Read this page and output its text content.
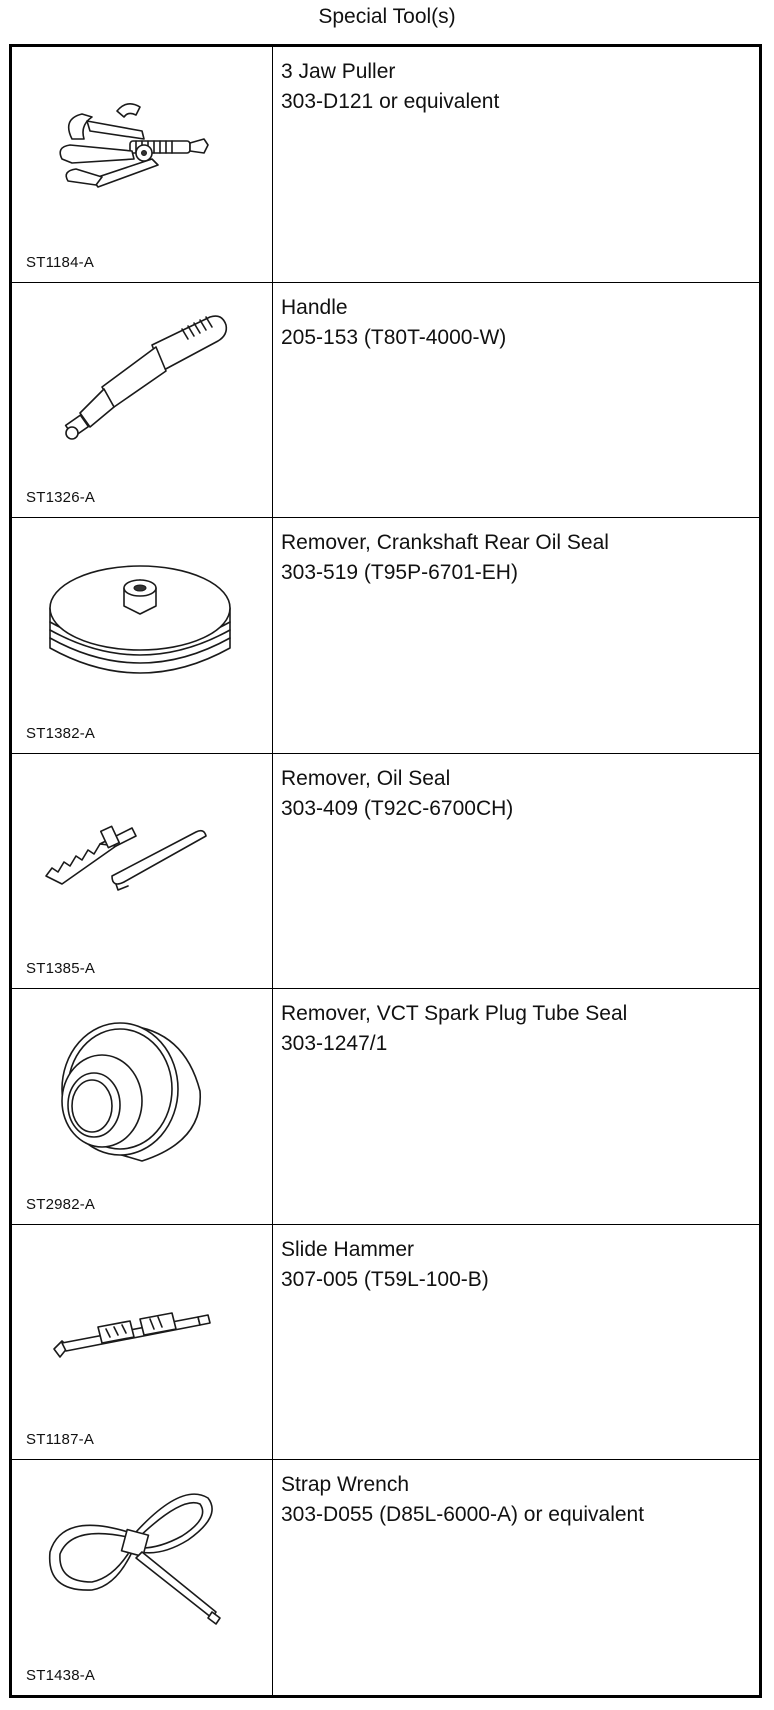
Special Tool(s)
ST1184-A
3 Jaw Puller
303-D121 or equivalent
ST1326-A
Handle
205-153 (T80T-4000-W)
ST1382-A
Remover, Crankshaft Rear Oil Seal
303-519 (T95P-6701-EH)
ST1385-A
Remover, Oil Seal
303-409 (T92C-6700CH)
ST2982-A
Remover, VCT Spark Plug Tube Seal
303-1247/1
ST1187-A
Slide Hammer
307-005 (T59L-100-B)
ST1438-A
Strap Wrench
303-D055 (D85L-6000-A) or equivalent
